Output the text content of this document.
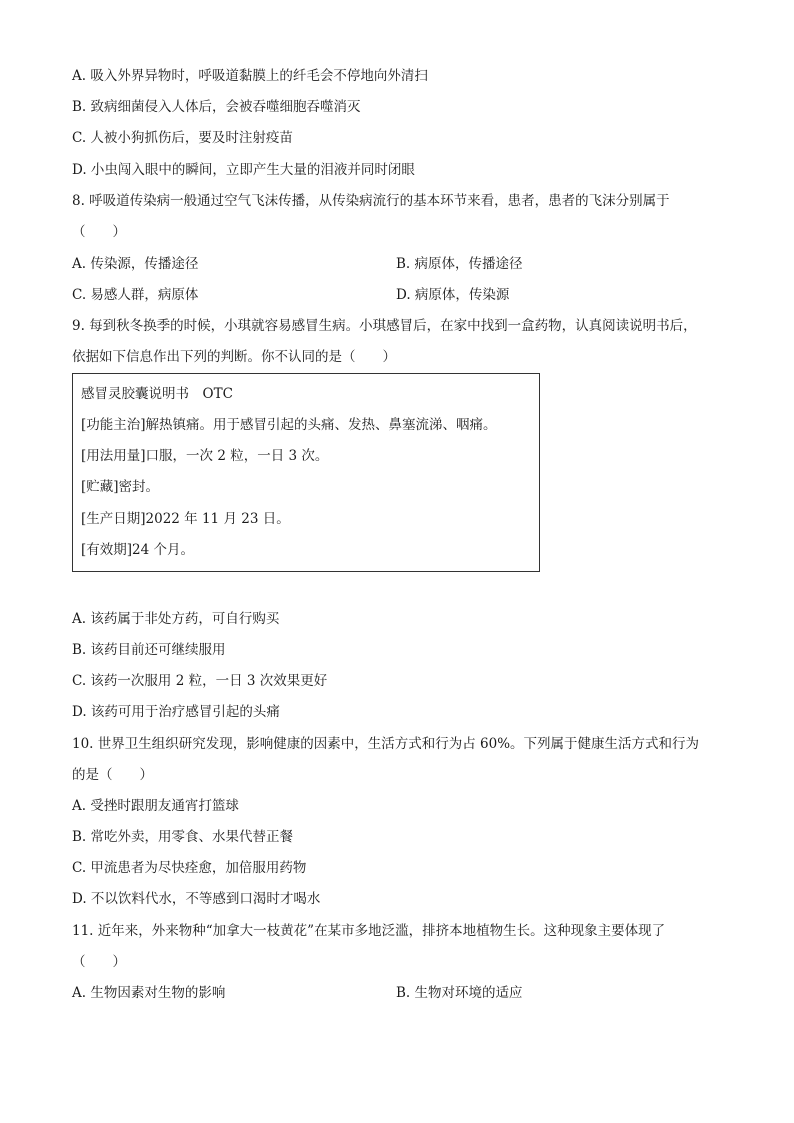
A. 吸入外界异物时，呼吸道黏膜上的纤毛会不停地向外清扫
B. 致病细菌侵入人体后，会被吞噬细胞吞噬消灭
C. 人被小狗抓伤后，要及时注射疫苗
D. 小虫闯入眼中的瞬间，立即产生大量的泪液并同时闭眼
8. 呼吸道传染病一般通过空气飞沫传播，从传染病流行的基本环节来看，患者，患者的飞沫分别属于
（　　）
A. 传染源，传播途径	B. 病原体，传播途径
C. 易感人群，病原体	D. 病原体，传染源
9. 每到秋冬换季的时候，小琪就容易感冒生病。小琪感冒后，在家中找到一盒药物，认真阅读说明书后，
依据如下信息作出下列的判断。你不认同的是（　　）
感冒灵胶囊说明书　OTC
[功能主治]解热镇痛。用于感冒引起的头痛、发热、鼻塞流涕、咽痛。
[用法用量]口服，一次 2 粒，一日 3 次。
[贮藏]密封。
[生产日期]2022 年 11 月 23 日。
[有效期]24 个月。
A. 该药属于非处方药，可自行购买
B. 该药目前还可继续服用
C. 该药一次服用 2 粒，一日 3 次效果更好
D. 该药可用于治疗感冒引起的头痛
10. 世界卫生组织研究发现，影响健康的因素中，生活方式和行为占 60%。下列属于健康生活方式和行为
的是（　　）
A. 受挫时跟朋友通宵打篮球
B. 常吃外卖，用零食、水果代替正餐
C. 甲流患者为尽快痊愈，加倍服用药物
D. 不以饮料代水，不等感到口渴时才喝水
11. 近年来，外来物种“加拿大一枝黄花”在某市多地泛滥，排挤本地植物生长。这种现象主要体现了
（　　）
A. 生物因素对生物的影响	B. 生物对环境的适应
